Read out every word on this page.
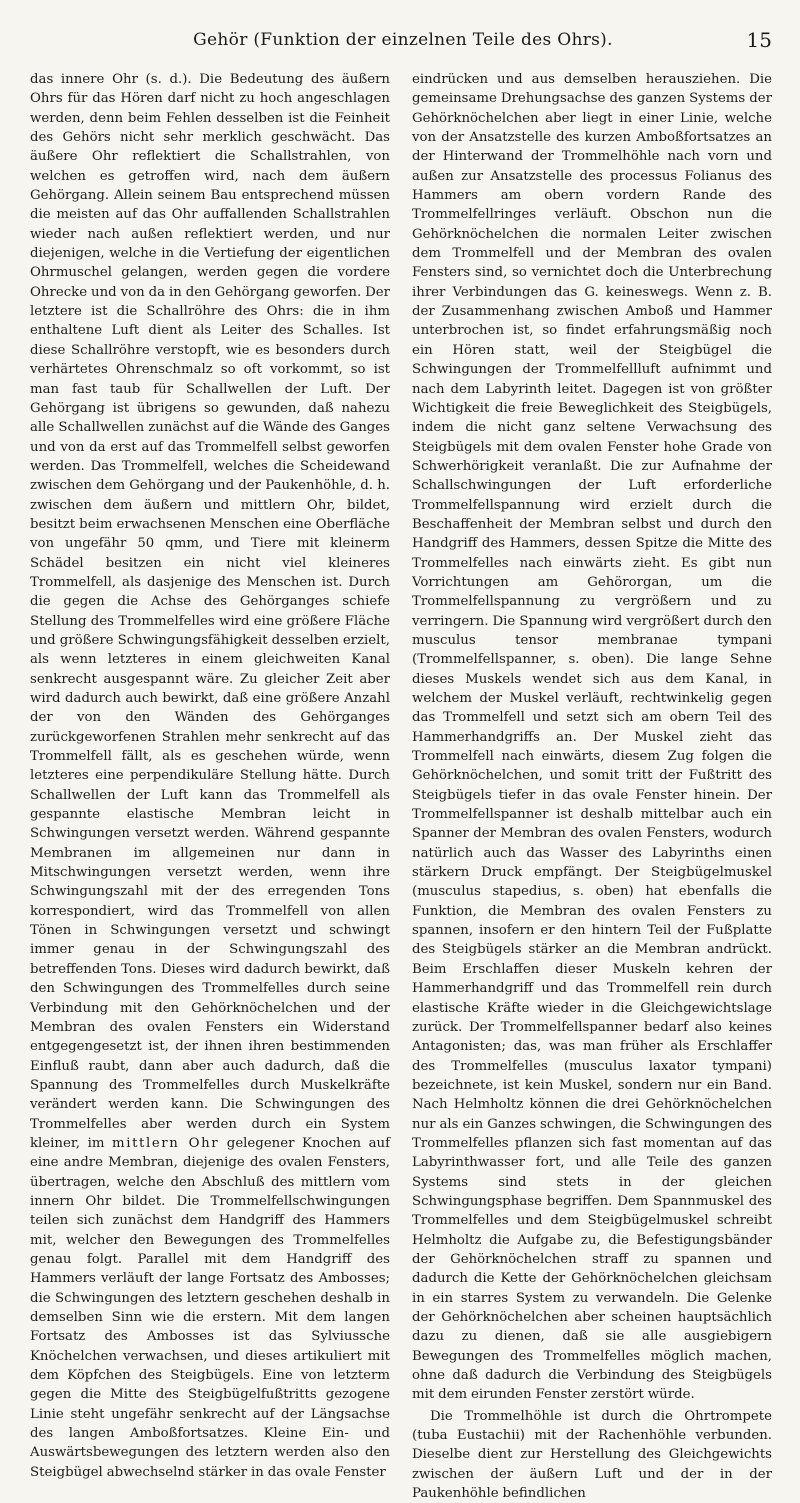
Gehör (Funktion der einzelnen Teile des Ohrs).	15

das innere Ohr (s. d.). Die Bedeutung des äußern Ohrs für das Hören darf nicht zu hoch angeschlagen werden, denn beim Fehlen desselben ist die Feinheit des Gehörs nicht sehr merklich geschwächt. Das äußere Ohr reflektiert die Schallstrahlen, von welchen es getroffen wird, nach dem äußern Gehörgang. Allein seinem Bau entsprechend müssen die meisten auf das Ohr auffallenden Schallstrahlen wieder nach außen reflektiert werden, und nur diejenigen, welche in die Vertiefung der eigentlichen Ohrmuschel gelangen, werden gegen die vordere Ohrecke und von da in den Gehörgang geworfen. Der letztere ist die Schallröhre des Ohrs: die in ihm enthaltene Luft dient als Leiter des Schalles. Ist diese Schallröhre verstopft, wie es besonders durch verhärtetes Ohrenschmalz so oft vorkommt, so ist man fast taub für Schallwellen der Luft. Der Gehörgang ist übrigens so gewunden, daß nahezu alle Schallwellen zunächst auf die Wände des Ganges und von da erst auf das Trommelfell selbst geworfen werden. Das Trommelfell, welches die Scheidewand zwischen dem Gehörgang und der Paukenhöhle, d. h. zwischen dem äußern und mittlern Ohr, bildet, besitzt beim erwachsenen Menschen eine Oberfläche von ungefähr 50 qmm, und Tiere mit kleinerm Schädel besitzen ein nicht viel kleineres Trommelfell, als dasjenige des Menschen ist. Durch die gegen die Achse des Gehörganges schiefe Stellung des Trommelfelles wird eine größere Fläche und größere Schwingungsfähigkeit desselben erzielt, als wenn letzteres in einem gleichweiten Kanal senkrecht ausgespannt wäre. Zu gleicher Zeit aber wird dadurch auch bewirkt, daß eine größere Anzahl der von den Wänden des Gehörganges zurückgeworfenen Strahlen mehr senkrecht auf das Trommelfell fällt, als es geschehen würde, wenn letzteres eine perpendikuläre Stellung hätte. Durch Schallwellen der Luft kann das Trommelfell als gespannte elastische Membran leicht in Schwingungen versetzt werden. Während gespannte Membranen im allgemeinen nur dann in Mitschwingungen versetzt werden, wenn ihre Schwingungszahl mit der des erregenden Tons korrespondiert, wird das Trommelfell von allen Tönen in Schwingungen versetzt und schwingt immer genau in der Schwingungszahl des betreffenden Tons. Dieses wird dadurch bewirkt, daß den Schwingungen des Trommelfelles durch seine Verbindung mit den Gehörknöchelchen und der Membran des ovalen Fensters ein Widerstand entgegengesetzt ist, der ihnen ihren bestimmenden Einfluß raubt, dann aber auch dadurch, daß die Spannung des Trommelfelles durch Muskelkräfte verändert werden kann. Die Schwingungen des Trommelfelles aber werden durch ein System kleiner, im mittlern Ohr gelegener Knochen auf eine andre Membran, diejenige des ovalen Fensters, übertragen, welche den Abschluß des mittlern vom innern Ohr bildet. Die Trommelfellschwingungen teilen sich zunächst dem Handgriff des Hammers mit, welcher den Bewegungen des Trommelfelles genau folgt. Parallel mit dem Handgriff des Hammers verläuft der lange Fortsatz des Ambosses; die Schwingungen des letztern geschehen deshalb in demselben Sinn wie die erstern. Mit dem langen Fortsatz des Ambosses ist das Sylviussche Knöchelchen verwachsen, und dieses artikuliert mit dem Köpfchen des Steigbügels. Eine von letzterm gegen die Mitte des Steigbügelfußtritts gezogene Linie steht ungefähr senkrecht auf der Längsachse des langen Amboßfortsatzes. Kleine Ein- und Auswärtsbewegungen des letztern werden also den Steigbügel abwechselnd stärker in das ovale Fenster

eindrücken und aus demselben herausziehen. Die gemeinsame Drehungsachse des ganzen Systems der Gehörknöchelchen aber liegt in einer Linie, welche von der Ansatzstelle des kurzen Amboßfortsatzes an der Hinterwand der Trommelhöhle nach vorn und außen zur Ansatzstelle des processus Folianus des Hammers am obern vordern Rande des Trommelfellringes verläuft. Obschon nun die Gehörknöchelchen die normalen Leiter zwischen dem Trommelfell und der Membran des ovalen Fensters sind, so vernichtet doch die Unterbrechung ihrer Verbindungen das G. keineswegs. Wenn z. B. der Zusammenhang zwischen Amboß und Hammer unterbrochen ist, so findet erfahrungsmäßig noch ein Hören statt, weil der Steigbügel die Schwingungen der Trommelfellluft aufnimmt und nach dem Labyrinth leitet. Dagegen ist von größter Wichtigkeit die freie Beweglichkeit des Steigbügels, indem die nicht ganz seltene Verwachsung des Steigbügels mit dem ovalen Fenster hohe Grade von Schwerhörigkeit veranlaßt. Die zur Aufnahme der Schallschwingungen der Luft erforderliche Trommelfellspannung wird erzielt durch die Beschaffenheit der Membran selbst und durch den Handgriff des Hammers, dessen Spitze die Mitte des Trommelfelles nach einwärts zieht. Es gibt nun Vorrichtungen am Gehörorgan, um die Trommelfellspannung zu vergrößern und zu verringern. Die Spannung wird vergrößert durch den musculus tensor membranae tympani (Trommelfellspanner, s. oben). Die lange Sehne dieses Muskels wendet sich aus dem Kanal, in welchem der Muskel verläuft, rechtwinkelig gegen das Trommelfell und setzt sich am obern Teil des Hammerhandgriffs an. Der Muskel zieht das Trommelfell nach einwärts, diesem Zug folgen die Gehörknöchelchen, und somit tritt der Fußtritt des Steigbügels tiefer in das ovale Fenster hinein. Der Trommelfellspanner ist deshalb mittelbar auch ein Spanner der Membran des ovalen Fensters, wodurch natürlich auch das Wasser des Labyrinths einen stärkern Druck empfängt. Der Steigbügelmuskel (musculus stapedius, s. oben) hat ebenfalls die Funktion, die Membran des ovalen Fensters zu spannen, insofern er den hintern Teil der Fußplatte des Steigbügels stärker an die Membran andrückt. Beim Erschlaffen dieser Muskeln kehren der Hammerhandgriff und das Trommelfell rein durch elastische Kräfte wieder in die Gleichgewichtslage zurück. Der Trommelfellspanner bedarf also keines Antagonisten; das, was man früher als Erschlaffer des Trommelfelles (musculus laxator tympani) bezeichnete, ist kein Muskel, sondern nur ein Band. Nach Helmholtz können die drei Gehörknöchelchen nur als ein Ganzes schwingen, die Schwingungen des Trommelfelles pflanzen sich fast momentan auf das Labyrinthwasser fort, und alle Teile des ganzen Systems sind stets in der gleichen Schwingungsphase begriffen. Dem Spannmuskel des Trommelfelles und dem Steigbügelmuskel schreibt Helmholtz die Aufgabe zu, die Befestigungsbänder der Gehörknöchelchen straff zu spannen und dadurch die Kette der Gehörknöchelchen gleichsam in ein starres System zu verwandeln. Die Gelenke der Gehörknöchelchen aber scheinen hauptsächlich dazu zu dienen, daß sie alle ausgiebigern Bewegungen des Trommelfelles möglich machen, ohne daß dadurch die Verbindung des Steigbügels mit dem eirunden Fenster zerstört würde.

Die Trommelhöhle ist durch die Ohrtrompete (tuba Eustachii) mit der Rachenhöhle verbunden. Dieselbe dient zur Herstellung des Gleichgewichts zwischen der äußern Luft und der in der Paukenhöhle befindlichen
